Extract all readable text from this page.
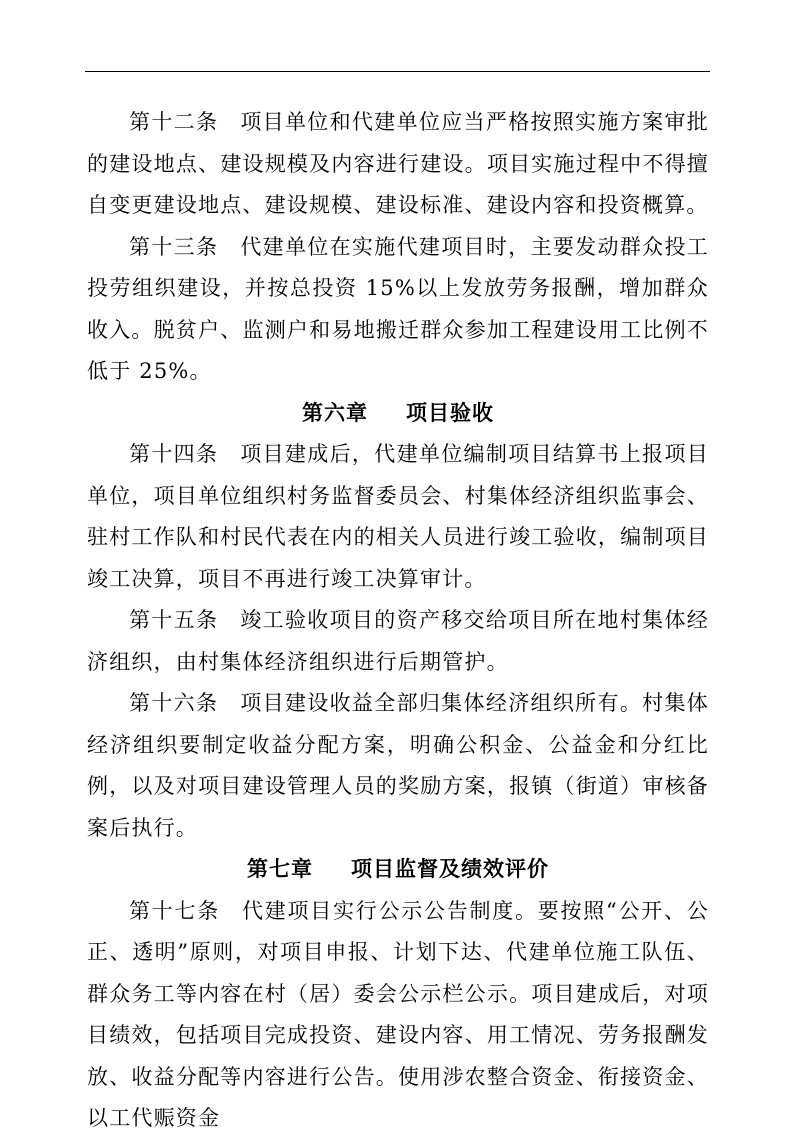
第十二条 项目单位和代建单位应当严格按照实施方案审批的建设地点、建设规模及内容进行建设。项目实施过程中不得擅自变更建设地点、建设规模、建设标准、建设内容和投资概算。

第十三条 代建单位在实施代建项目时，主要发动群众投工投劳组织建设，并按总投资 15%以上发放劳务报酬，增加群众收入。脱贫户、监测户和易地搬迁群众参加工程建设用工比例不低于 25%。

第六章 项目验收

第十四条 项目建成后，代建单位编制项目结算书上报项目单位，项目单位组织村务监督委员会、村集体经济组织监事会、驻村工作队和村民代表在内的相关人员进行竣工验收，编制项目竣工决算，项目不再进行竣工决算审计。

第十五条 竣工验收项目的资产移交给项目所在地村集体经济组织，由村集体经济组织进行后期管护。

第十六条 项目建设收益全部归集体经济组织所有。村集体经济组织要制定收益分配方案，明确公积金、公益金和分红比例，以及对项目建设管理人员的奖励方案，报镇（街道）审核备案后执行。

第七章 项目监督及绩效评价

第十七条 代建项目实行公示公告制度。要按照“公开、公正、透明”原则，对项目申报、计划下达、代建单位施工队伍、群众务工等内容在村（居）委会公示栏公示。项目建成后，对项目绩效，包括项目完成投资、建设内容、用工情况、劳务报酬发放、收益分配等内容进行公告。使用涉农整合资金、衔接资金、以工代赈资金
